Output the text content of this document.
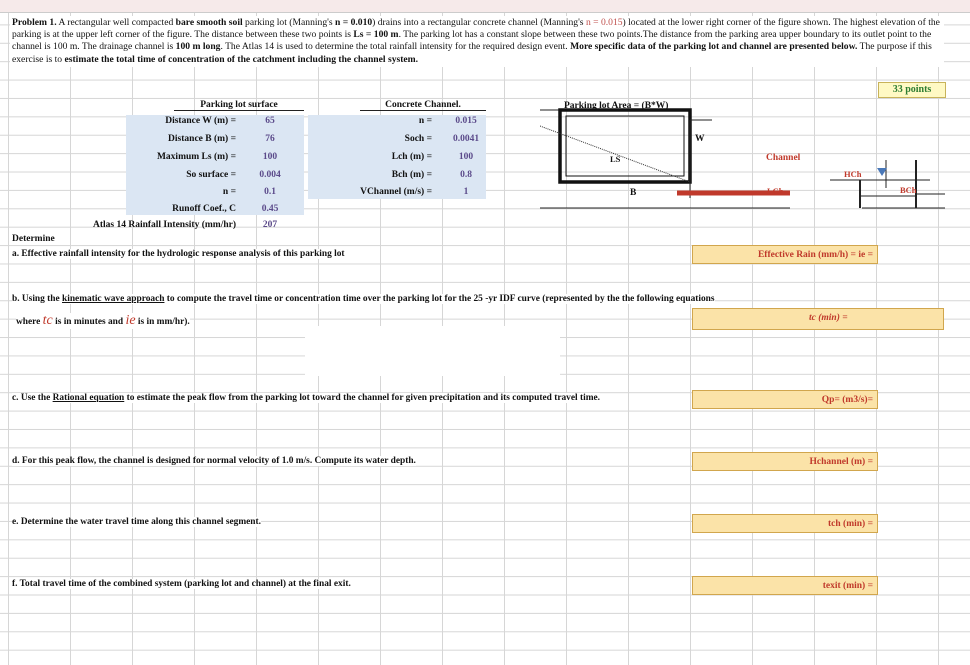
Problem 1. A rectangular well compacted bare smooth soil parking lot (Manning's n = 0.010) drains into a rectangular concrete channel (Manning's n = 0.015) located at the lower right corner of the figure shown. The highest elevation of the parking is at the upper left corner of the figure. The distance between these two points is Ls = 100 m. The parking lot has a constant slope between these two points.The distance from the parking area upper boundary to its outlet point to the channel is 100 m. The drainage channel is 100 m long. The Atlas 14 is used to determine the total rainfall intensity for the required design event. More specific data of the parking lot and channel are presented below. The purpose if this exercise is to estimate the total time of concentration of the catchment including the channel system.
33 points
Parking lot surface
Distance W (m) =	65
Distance B (m) =	76
Maximum Ls (m) =	100
So surface =	0.004
n =	0.1
Runoff Coef., C	0.45
Atlas 14 Rainfall Intensity (mm/hr)	207
Concrete Channel.
n =	0.015
Soch =	0.0041
Lch (m) =	100
Bch (m) =	0.8
VChannel (m/s) =	1
Parking lot Area = (B*W)
LS
W
B
Channel
LCh
HCh
BCh
Determine
a. Effective rainfall intensity for the hydrologic response analysis of this parking lot	Effective Rain (mm/h) = ie =
b. Using the kinematic wave approach to compute the travel time or concentration time over the parking lot for the 25 -yr IDF curve (represented by the the following equations
where tc is in minutes and ie is in mm/hr).	tc (min) =
c. Use the Rational equation to estimate the peak flow from the parking lot toward the channel for given precipitation and its computed travel time.	Qp= (m3/s)=
d. For this peak flow, the channel is designed for normal velocity of 1.0 m/s. Compute its water depth.	Hchannel (m) =
e. Determine the water travel time along this channel segment.	tch (min) =
f. Total travel time of the combined system (parking lot and channel) at the final exit.	texit (min) =
